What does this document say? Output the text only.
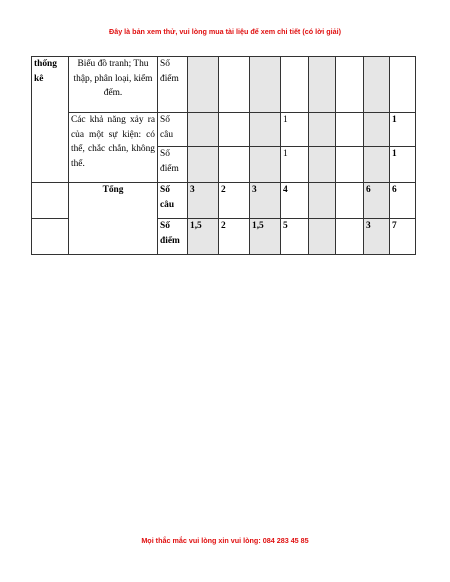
Đây là bản xem thử, vui lòng mua tài liệu để xem chi tiết (có lời giải)
thống kê	Biểu đồ tranh; Thu thập, phân loại, kiểm đếm.	Số điểm								
	Các khả năng xảy ra của một sự kiện: có thể, chắc chắn, không thể.	Số câu				1				1
		Số điểm				1				1
	Tổng	Số câu	3	2	3	4			6	6
		Số điểm	1,5	2	1,5	5			3	7
Mọi thắc mắc vui lòng xin vui lòng: 084 283 45 85
